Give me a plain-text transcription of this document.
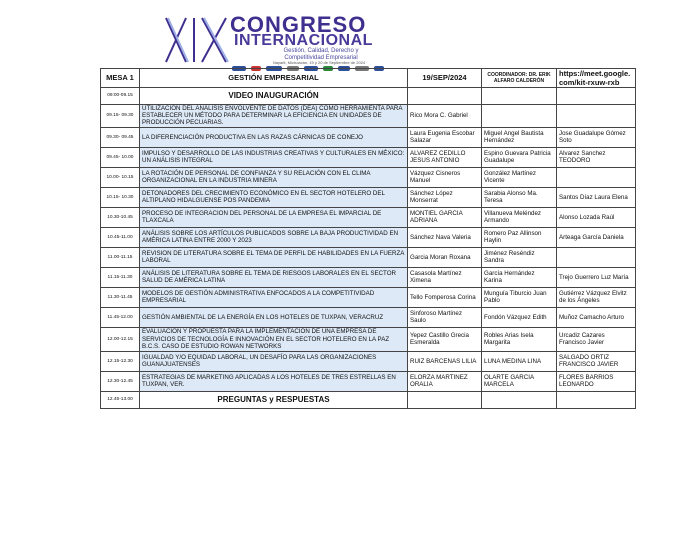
CONGRESO
INTERNACIONAL
Gestión, Calidad, Derecho y
Competitividad Empresarial
Nayarit, Michoacán, 19 y 20 de Septiembre de 2024
MESA 1	GESTIÓN EMPRESARIAL	19/SEP/2024	COORDINADOR: DR. ERIK ALFARO CALDERÓN	https://meet.google.com/kit-rxuw-rxb
09:00-09.15	VIDEO INAUGURACIÓN			
09.15- 09.30	UTILIZACIÓN DEL ANÁLISIS ENVOLVENTE DE DATOS (DEA) COMO HERRAMIENTA PARA ESTABLECER UN MÉTODO PARA DETERMINAR LA EFICIENCIA EN UNIDADES DE PRODUCCIÓN PECUARIAS.	Rico Mora C. Gabriel		
09.30- 09.45	LA DIFERENCIACIÓN PRODUCTIVA EN LAS RAZAS CÁRNICAS DE CONEJO	Laura Eugenia Escobar Salazar	Miguel Angel Bautista Hernández	Jose Guadalupe Gómez Soto
09.45- 10.00	IMPULSO Y DESARROLLO DE LAS INDUSTRIAS CREATIVAS Y CULTURALES EN MÉXICO: UN ANÁLISIS INTEGRAL	ALVAREZ CEDILLO JESUS ANTONIO	Espino Guevara Patricia Guadalupe	Alvarez Sanchez TEODORO
10.00- 10.15	LA ROTACIÓN DE PERSONAL DE CONFIANZA Y SU RELACIÓN CON EL CLIMA ORGANIZACIONAL EN LA INDUSTRIA MINERA	Vázquez Cisneros Manuel	González Martínez Vicente	
10.15- 10.30	DETONADORES DEL CRECIMIENTO ECONÓMICO EN EL SECTOR HOTELERO DEL ALTIPLANO HIDALGUENSE POS PANDEMIA	Sánchez López Monserrat	Sarabia Alonso Ma. Teresa	Santos Díaz Laura Elena
10.30-10.45	PROCESO DE INTEGRACION DEL PERSONAL DE LA EMPRESA EL IMPARCIAL DE TLAXCALA	MONTIEL GARCIA ADRIANA	Villanueva Meléndez Armando	Alonso Lozada Raúl
10.45-11.00	ANÁLISIS SOBRE LOS ARTÍCULOS PUBLICADOS SOBRE LA BAJA PRODUCTIVIDAD EN AMÉRICA LATINA ENTRE 2000 Y 2023	Sánchez Nava Valeria	Romero Paz Allinson Haylin	Arteaga García Daniela
11.00-11.15	REVISION DE LITERATURA SOBRE EL TEMA DE PERFIL DE HABILIDADES EN LA FUERZA LABORAL	Garcia Moran Roxana	Jiménez Reséndiz Sandra	
11.15-11.30	ANÁLISIS DE LITERATURA SOBRE EL TEMA DE RIESGOS LABORALES EN EL SECTOR SALUD DE AMÉRICA LATINA	Casasola Martínez Ximena	García Hernández Karina	Trejo Guerrero Luz María
11.30-11.45	MODELOS DE GESTIÓN ADMINISTRATIVA ENFOCADOS A LA COMPETITIVIDAD EMPRESARIAL	Tello Fomperosa Corina	Munguía Tiburcio Juan Pablo	Gutiérrez Vázquez Elvitz de los Ángeles
11.45-12.00	GESTIÓN AMBIENTAL DE LA ENERGÍA EN LOS HOTELES DE TUXPAN, VERACRUZ	Sinforoso Martínez Saulo	Fondón Vázquez Edith	Muñoz Camacho Arturo
12.00-12.15	EVALUACIÓN Y PROPUESTA PARA LA IMPLEMENTACIÓN DE UNA EMPRESA DE SERVICIOS DE TECNOLOGÍA E INNOVACIÓN EN EL SECTOR HOTELERO EN LA PAZ B.C.S. CASO DE ESTUDIO ROWAN NETWORKS	Yepez Castillo Grecia Esmeralda	Robles Arias Isela Margarita	Urcadiz Cazares Francisco Javier
12.15-12.30	IGUALDAD Y/O EQUIDAD LABORAL, UN DESAFÍO PARA LAS ORGANIZACIONES GUANAJUATENSES	RUIZ BARCENAS LILIA	LUNA MEDINA LINA	SALGADO ORTIZ FRANCISCO JAVIER
12.30-12.45	ESTRATEGIAS DE MARKETING APLICADAS A LOS HOTELES DE TRES ESTRELLAS EN TUXPAN, VER.	ELORZA MARTINEZ ORALIA	OLARTE GARCIA MARCELA	FLORES BARRIOS LEONARDO
12.45-13.00	PREGUNTAS y RESPUESTAS			
